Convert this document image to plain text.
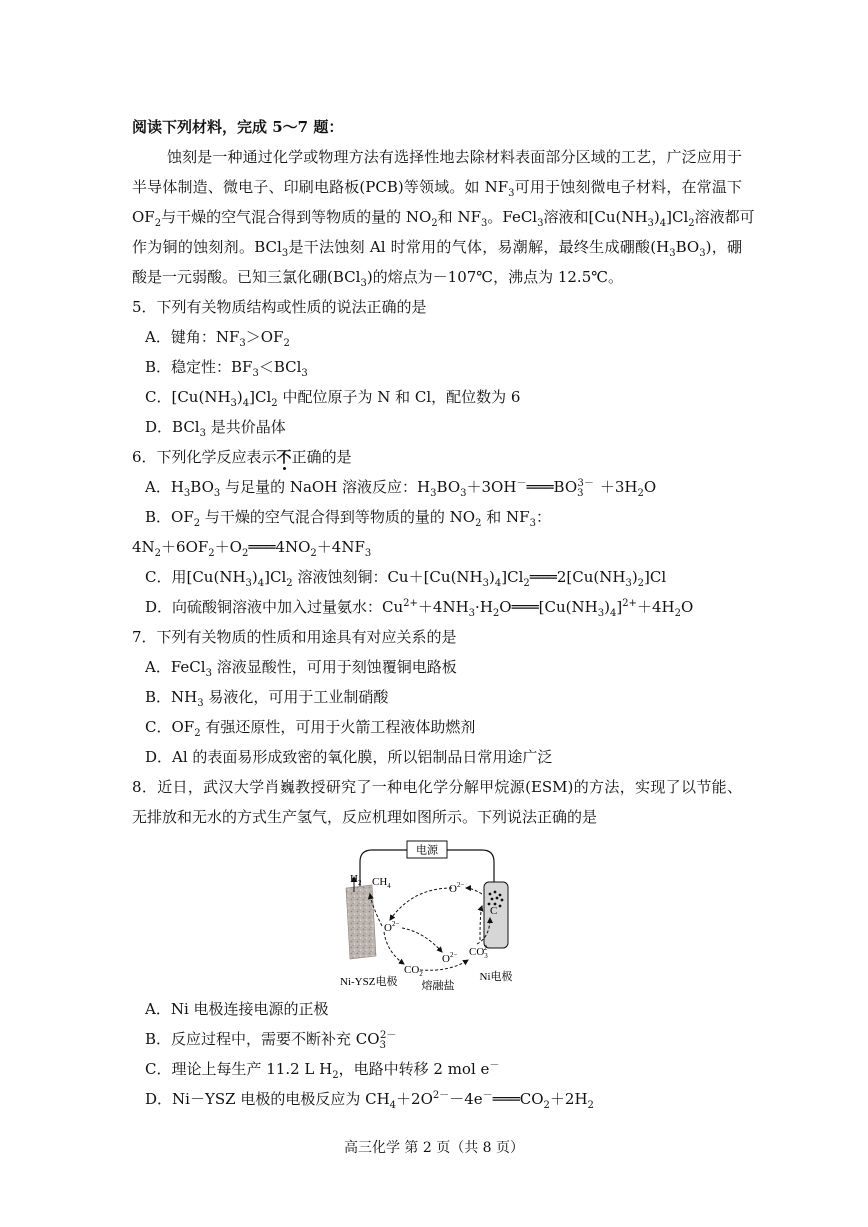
阅读下列材料，完成 5～7 题：
蚀刻是一种通过化学或物理方法有选择性地去除材料表面部分区域的工艺，广泛应用于
半导体制造、微电子、印刷电路板(PCB)等领域。如 $NF_3$可用于蚀刻微电子材料，在常温下
$OF_2$与干燥的空气混合得到等物质的量的 $NO_2$和 $NF_3$。FeCl$_3$溶液和$[Cu(NH_3)_4]Cl_2$溶液都可
作为铜的蚀刻剂。BCl$_3$是干法蚀刻 Al 时常用的气体，易潮解，最终生成硼酸$(H_3BO_3)$，硼
酸是一元弱酸。已知三氯化硼(BCl$_3$)的熔点为－107℃，沸点为 12.5℃。
5．下列有关物质结构或性质的说法正确的是
A．键角：$NF_3>OF_2$
B．稳定性：$BF_3<BCl_3$
C．$[Cu(NH_3)_4]Cl_2$ 中配位原子为 N 和 Cl，配位数为 6
D．BCl$_3$ 是共价晶体
6．下列化学反应表示不正确的是
A．$H_3BO_3$ 与足量的 NaOH 溶液反应：$H_3BO_3+3OH^-═══BO_3^{3-} +3H_2O$
B．$OF_2$ 与干燥的空气混合得到等物质的量的 $NO_2$ 和 $NF_3$：
$4N_2+6OF_2+O_2═══4NO_2+4NF_3$
C．用$[Cu(NH_3)_4]Cl_2$ 溶液蚀刻铜：$Cu+[Cu(NH_3)_4]Cl_2═══2[Cu(NH_3)_2]Cl$
D．向硫酸铜溶液中加入过量氨水：$Cu^{2+}+4NH_3\cdot H_2O═══[Cu(NH_3)_4]^{2+}+4H_2O$
7．下列有关物质的性质和用途具有对应关系的是
A．FeCl$_3$ 溶液显酸性，可用于刻蚀覆铜电路板
B．$NH_3$ 易液化，可用于工业制硝酸
C．$OF_2$ 有强还原性，可用于火箭工程液体助燃剂
D．Al 的表面易形成致密的氧化膜，所以铝制品日常用途广泛
8．近日，武汉大学肖巍教授研究了一种电化学分解甲烷源(ESM)的方法，实现了以节能、
无排放和无水的方式生产氢气，反应机理如图所示。下列说法正确的是
电源
$H_2$ $CH_4$	$O^{2-}$
$O^{2-}$
$O^{2-}$ $CO_32-$
$CO_2$
C
Ni-YSZ电极 熔融盐
Ni电极
A．Ni 电极连接电源的正极
B．反应过程中，需要不断补充 $CO_3^{2-}$
C．理论上每生产 11.2 L $H_2$，电路中转移 2 mol e－
D．Ni－YSZ 电极的电极反应为 $CH_4+2O^{2-}-4e^-═══CO_2+2H_2$
高三化学 第 2 页（共 8 页）
